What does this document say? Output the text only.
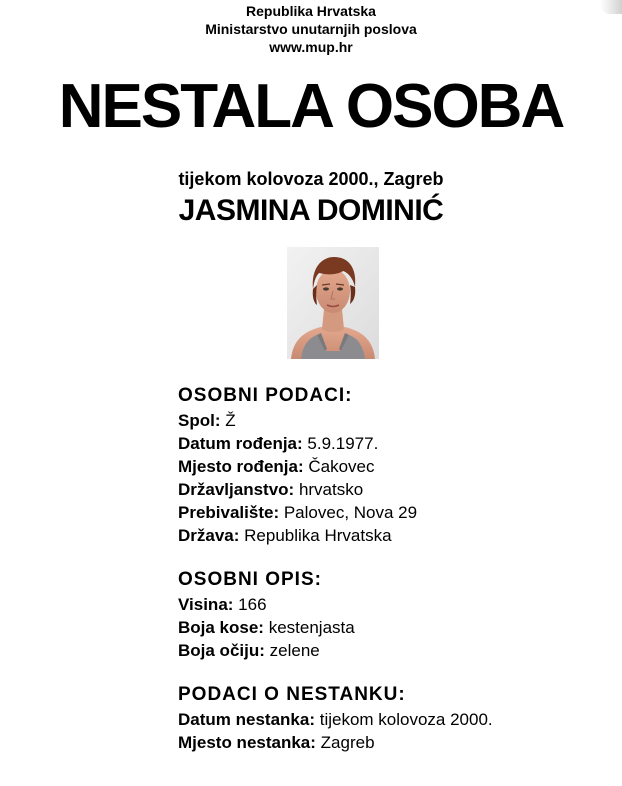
Republika Hrvatska
Ministarstvo unutarnjih poslova
www.mup.hr
NESTALA OSOBA
tijekom kolovoza 2000., Zagreb
JASMINA DOMINIĆ
OSOBNI PODACI:
Spol: Ž
Datum rođenja: 5.9.1977.
Mjesto rođenja: Čakovec
Državljanstvo: hrvatsko
Prebivalište: Palovec, Nova 29
Država: Republika Hrvatska
OSOBNI OPIS:
Visina: 166
Boja kose: kestenjasta
Boja očiju: zelene
PODACI O NESTANKU:
Datum nestanka: tijekom kolovoza 2000.
Mjesto nestanka: Zagreb
